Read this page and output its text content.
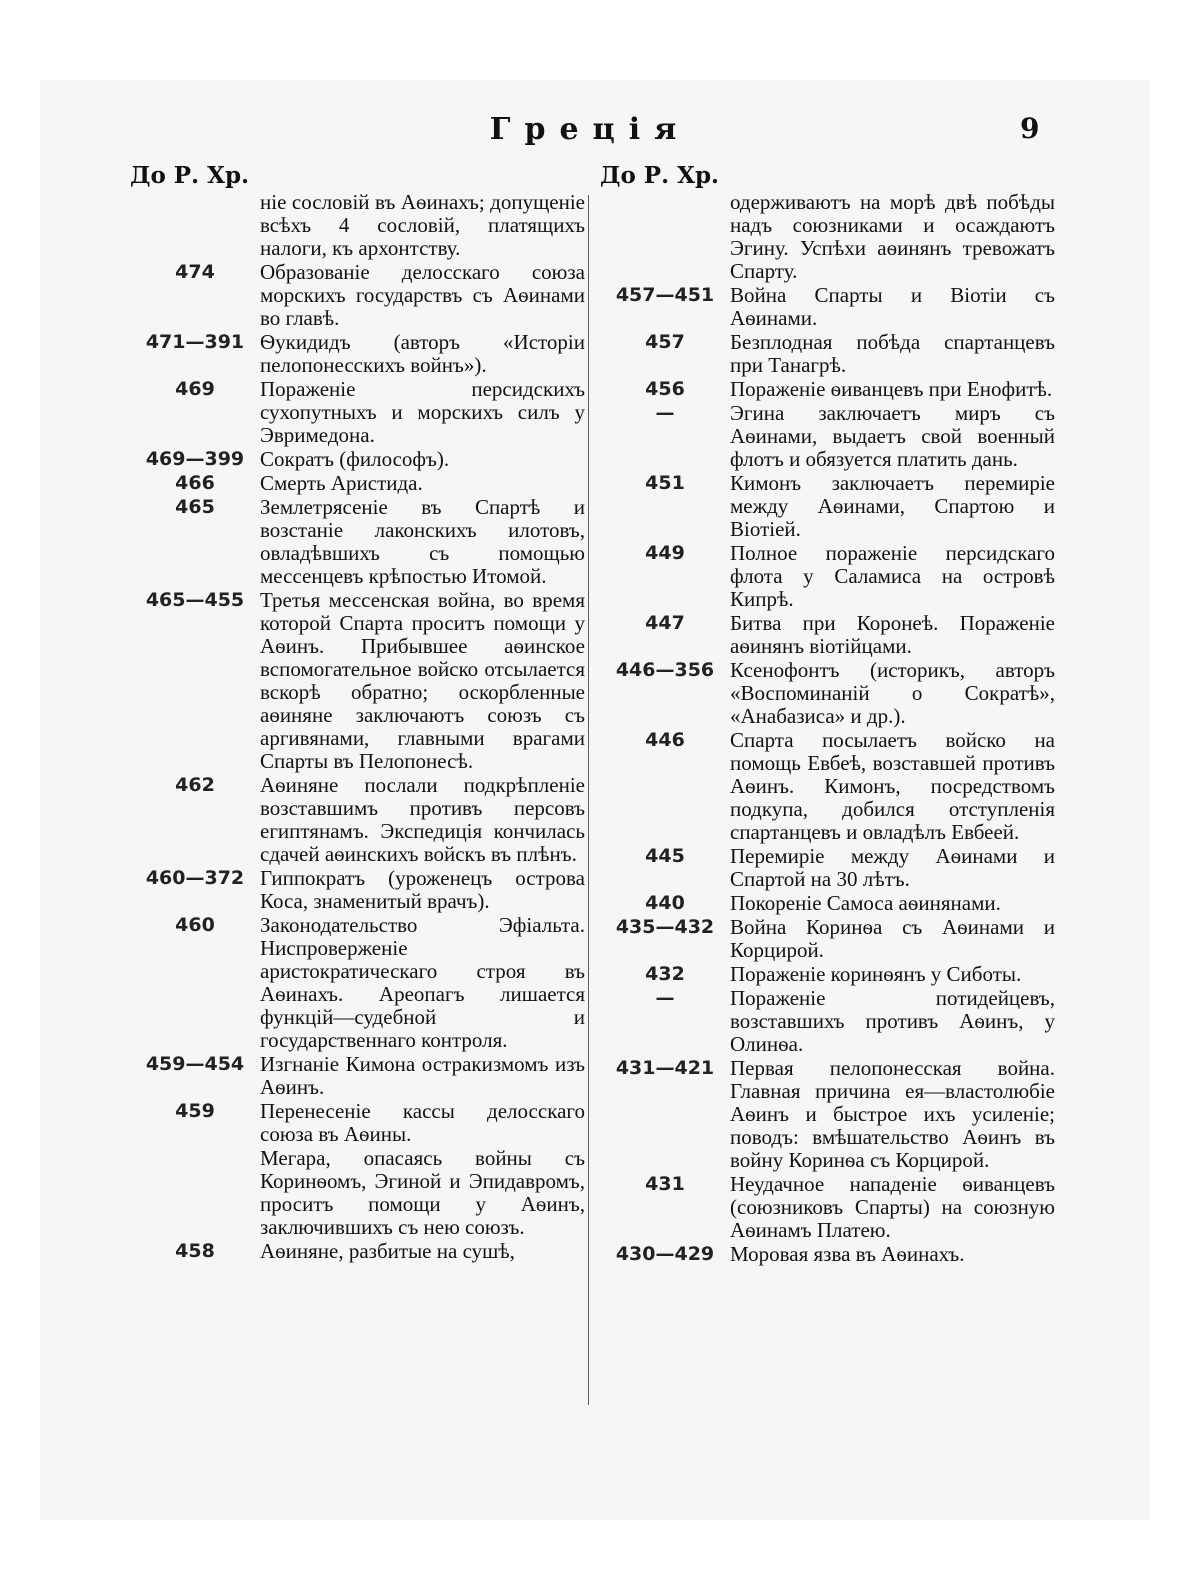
Греція	9
До Р. Хр.
ніе сословій въ Аѳинахъ; допущеніе всѣхъ 4 сословій, платящихъ налоги, къ архонтству.
474	Образованіе делосскаго союза морскихъ государствъ съ Аѳинами во главѣ.
471—391 Ѳукидидъ (авторъ «Исторіи пелопонесскихъ войнъ»).
469	Пораженіе персидскихъ сухопутныхъ и морскихъ силъ у Эвримедона.
469—399 Сократъ (философъ).
466	Смерть Аристида.
465	Землетрясеніе въ Спартѣ и возстаніе лаконскихъ илотовъ, овладѣвшихъ съ помощью мессенцевъ крѣпостью Итомой.
465—455 Третья мессенская война, во время которой Спарта проситъ помощи у Аѳинъ. Прибывшее аѳинское вспомогательное войско отсылается вскорѣ обратно; оскорбленные аѳиняне заключаютъ союзъ съ аргивянами, главными врагами Спарты въ Пелопонесѣ.
462	Аѳиняне послали подкрѣпленіе возставшимъ противъ персовъ египтянамъ. Экспедиція кончилась сдачей аѳинскихъ войскъ въ плѣнъ.
460—372 Гиппократъ (уроженецъ острова Коса, знаменитый врачъ).
460	Законодательство Эфіальта. Ниспроверженіе аристократическаго строя въ Аѳинахъ. Ареопагъ лишается функцій—судебной и государственнаго контроля.
459—454 Изгнаніе Кимона остракизмомъ изъ Аѳинъ.
459	Перенесеніе кассы делосскаго союза въ Аѳины.
Мегара, опасаясь войны съ Коринѳомъ, Эгиной и Эпидавромъ, проситъ помощи у Аѳинъ, заключившихъ съ нею союзъ.
458	Аѳиняне, разбитые на сушѣ,
До Р. Хр.
одерживаютъ на морѣ двѣ побѣды надъ союзниками и осаждаютъ Эгину. Успѣхи аѳинянъ тревожатъ Спарту.
457—451 Война Спарты и Віотіи съ Аѳинами.
457	Безплодная побѣда спартанцевъ при Танагрѣ.
456	Пораженіе ѳиванцевъ при Енофитѣ.
—	Эгина заключаетъ миръ съ Аѳинами, выдаетъ свой военный флотъ и обязуется платить дань.
451	Кимонъ заключаетъ перемиріе между Аѳинами, Спартою и Віотіей.
449	Полное пораженіе персидскаго флота у Саламиса на островѣ Кипрѣ.
447	Битва при Коронеѣ. Пораженіе аѳинянъ віотійцами.
446—356 Ксенофонтъ (историкъ, авторъ «Воспоминаній о Сократѣ», «Анабазиса» и др.).
446	Спарта посылаетъ войско на помощь Евбеѣ, возставшей противъ Аѳинъ. Кимонъ, посредствомъ подкупа, добился отступленія спартанцевъ и овладѣлъ Евбеей.
445	Перемиріе между Аѳинами и Спартой на 30 лѣтъ.
440	Покореніе Самоса аѳинянами.
435—432 Война Коринѳа съ Аѳинами и Корцирой.
432	Пораженіе коринѳянъ у Сиботы.
—	Пораженіе потидейцевъ, возставшихъ противъ Аѳинъ, у Олинѳа.
431—421 Первая пелопонесская война. Главная причина ея—властолюбіе Аѳинъ и быстрое ихъ усиленіе; поводъ: вмѣшательство Аѳинъ въ войну Коринѳа съ Корцирой.
431	Неудачное нападеніе ѳиванцевъ (союзниковъ Спарты) на союзную Аѳинамъ Платею.
430—429 Моровая язва въ Аѳинахъ.
